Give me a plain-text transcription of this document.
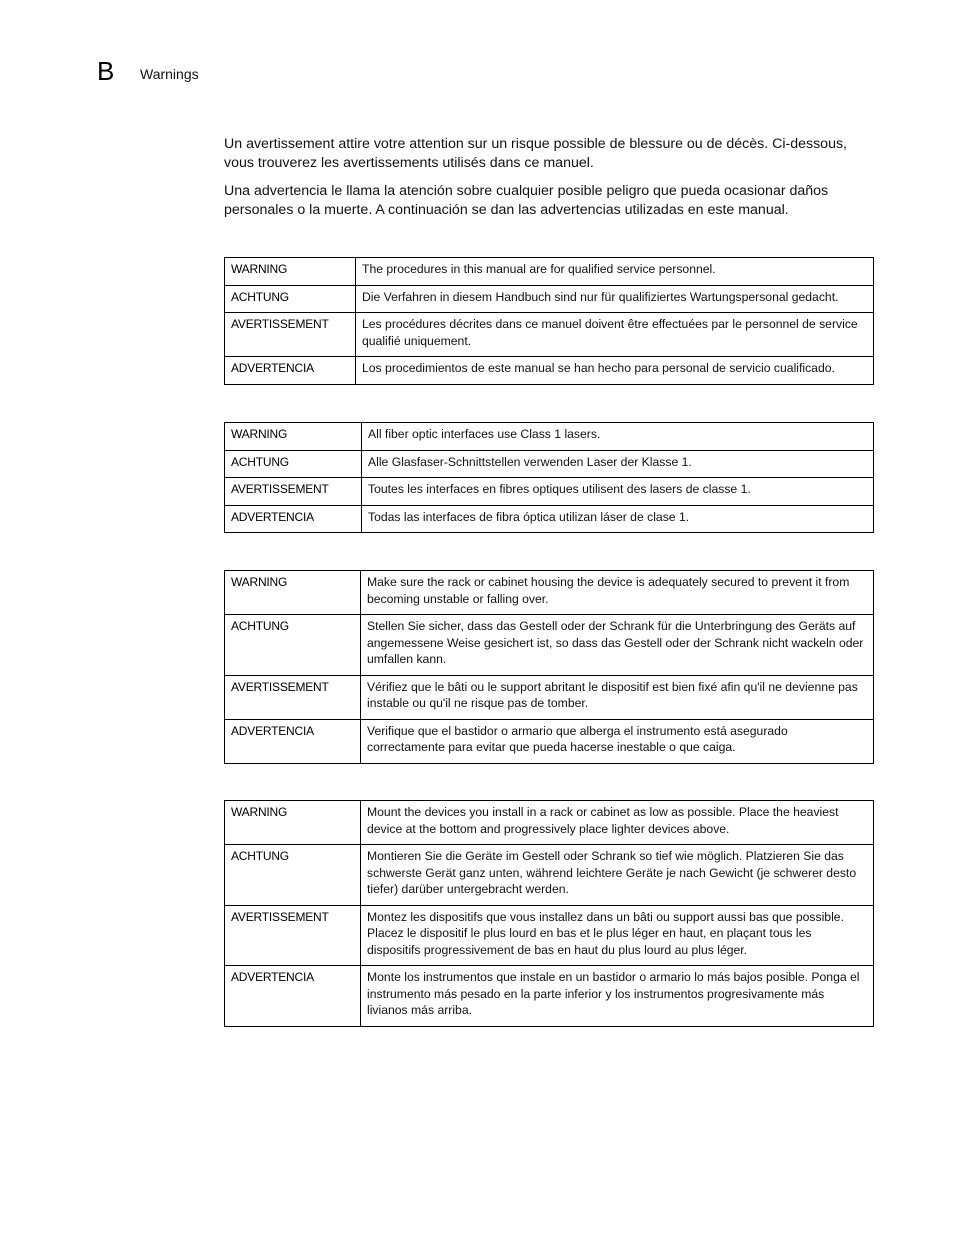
B Warnings

Un avertissement attire votre attention sur un risque possible de blessure ou de décès. Ci-dessous, vous trouverez les avertissements utilisés dans ce manuel.

Una advertencia le llama la atención sobre cualquier posible peligro que pueda ocasionar daños personales o la muerte. A continuación se dan las advertencias utilizadas en este manual.

WARNING	The procedures in this manual are for qualified service personnel.
ACHTUNG	Die Verfahren in diesem Handbuch sind nur für qualifiziertes Wartungspersonal gedacht.
AVERTISSEMENT	Les procédures décrites dans ce manuel doivent être effectuées par le personnel de service qualifié uniquement.
ADVERTENCIA	Los procedimientos de este manual se han hecho para personal de servicio cualificado.
WARNING	All fiber optic interfaces use Class 1 lasers.
ACHTUNG	Alle Glasfaser-Schnittstellen verwenden Laser der Klasse 1.
AVERTISSEMENT	Toutes les interfaces en fibres optiques utilisent des lasers de classe 1.
ADVERTENCIA	Todas las interfaces de fibra óptica utilizan láser de clase 1.
WARNING	Make sure the rack or cabinet housing the device is adequately secured to prevent it from becoming unstable or falling over.
ACHTUNG	Stellen Sie sicher, dass das Gestell oder der Schrank für die Unterbringung des Geräts auf angemessene Weise gesichert ist, so dass das Gestell oder der Schrank nicht wackeln oder umfallen kann.
AVERTISSEMENT	Vérifiez que le bâti ou le support abritant le dispositif est bien fixé afin qu'il ne devienne pas instable ou qu'il ne risque pas de tomber.
ADVERTENCIA	Verifique que el bastidor o armario que alberga el instrumento está asegurado correctamente para evitar que pueda hacerse inestable o que caiga.
WARNING	Mount the devices you install in a rack or cabinet as low as possible. Place the heaviest device at the bottom and progressively place lighter devices above.
ACHTUNG	Montieren Sie die Geräte im Gestell oder Schrank so tief wie möglich. Platzieren Sie das schwerste Gerät ganz unten, während leichtere Geräte je nach Gewicht (je schwerer desto tiefer) darüber untergebracht werden.
AVERTISSEMENT	Montez les dispositifs que vous installez dans un bâti ou support aussi bas que possible. Placez le dispositif le plus lourd en bas et le plus léger en haut, en plaçant tous les dispositifs progressivement de bas en haut du plus lourd au plus léger.
ADVERTENCIA	Monte los instrumentos que instale en un bastidor o armario lo más bajos posible. Ponga el instrumento más pesado en la parte inferior y los instrumentos progresivamente más livianos más arriba.
